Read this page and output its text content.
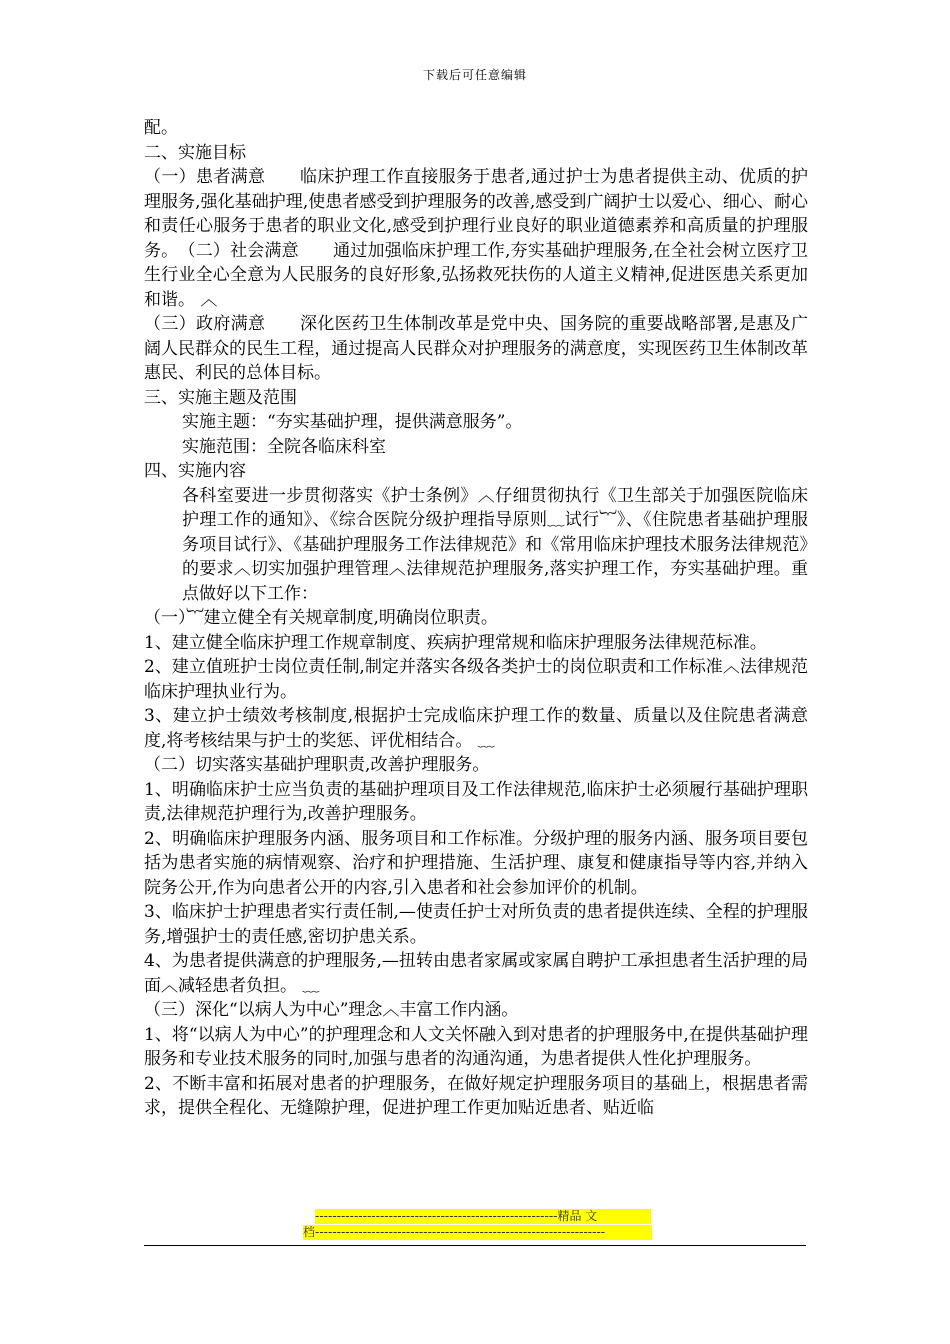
下载后可任意编辑

配。

二、实施目标

（一）患者满意　　临床护理工作直接服务于患者,通过护士为患者提供主动、优质的护理服务,强化基础护理,使患者感受到护理服务的改善,感受到广阔护士以爱心、细心、耐心和责任心服务于患者的职业文化,感受到护理行业良好的职业道德素养和高质量的护理服务。　（二）社会满意　　通过加强临床护理工作,夯实基础护理服务,在全社会树立医疗卫生行业全心全意为人民服务的良好形象,弘扬救死扶伤的人道主义精神,促进医患关系更加和谐。 ︿

（三）政府满意　　深化医药卫生体制改革是党中央、国务院的重要战略部署,是惠及广阔人民群众的民生工程，通过提高人民群众对护理服务的满意度，实现医药卫生体制改革惠民、利民的总体目标。

三、实施主题及范围

实施主题：“夯实基础护理，提供满意服务”。

实施范围：全院各临床科室

四、实施内容

各科室要进一步贯彻落实《护士条例》︿仔细贯彻执行《卫生部关于加强医院临床护理工作的通知》、《综合医院分级护理指导原则﹏试行︸》、《住院患者基础护理服务项目试行》、《基础护理服务工作法律规范》和《常用临床护理技术服务法律规范》的要求︿切实加强护理管理︿法律规范护理服务,落实护理工作，夯实基础护理。重点做好以下工作：

（一）︸建立健全有关规章制度,明确岗位职责。

1、建立健全临床护理工作规章制度、疾病护理常规和临床护理服务法律规范标准。

2、建立值班护士岗位责任制,制定并落实各级各类护士的岗位职责和工作标准︿法律规范临床护理执业行为。

3、建立护士绩效考核制度,根据护士完成临床护理工作的数量、质量以及住院患者满意度,将考核结果与护士的奖惩、评优相结合。 ﹏

（二）切实落实基础护理职责,改善护理服务。

1、明确临床护士应当负责的基础护理项目及工作法律规范,临床护士必须履行基础护理职责,法律规范护理行为,改善护理服务。

2、明确临床护理服务内涵、服务项目和工作标准。分级护理的服务内涵、服务项目要包括为患者实施的病情观察、治疗和护理措施、生活护理、康复和健康指导等内容,并纳入院务公开,作为向患者公开的内容,引入患者和社会参加评价的机制。

3、临床护士护理患者实行责任制,—使责任护士对所负责的患者提供连续、全程的护理服务,增强护士的责任感,密切护患关系。

4、为患者提供满意的护理服务,—扭转由患者家属或家属自聘护工承担患者生活护理的局面︿减轻患者负担。 ﹏

（三）深化“以病人为中心”理念︿丰富工作内涵。

1、将“以病人为中心”的护理理念和人文关怀融入到对患者的护理服务中,在提供基础护理服务和专业技术服务的同时,加强与患者的沟通沟通，为患者提供人性化护理服务。

2、不断丰富和拓展对患者的护理服务，在做好规定护理服务项目的基础上，根据患者需求，提供全程化、无缝隙护理，促进护理工作更加贴近患者、贴近临

--------------------------------------------------------精品 文
档-------------------------------------------------------------------
